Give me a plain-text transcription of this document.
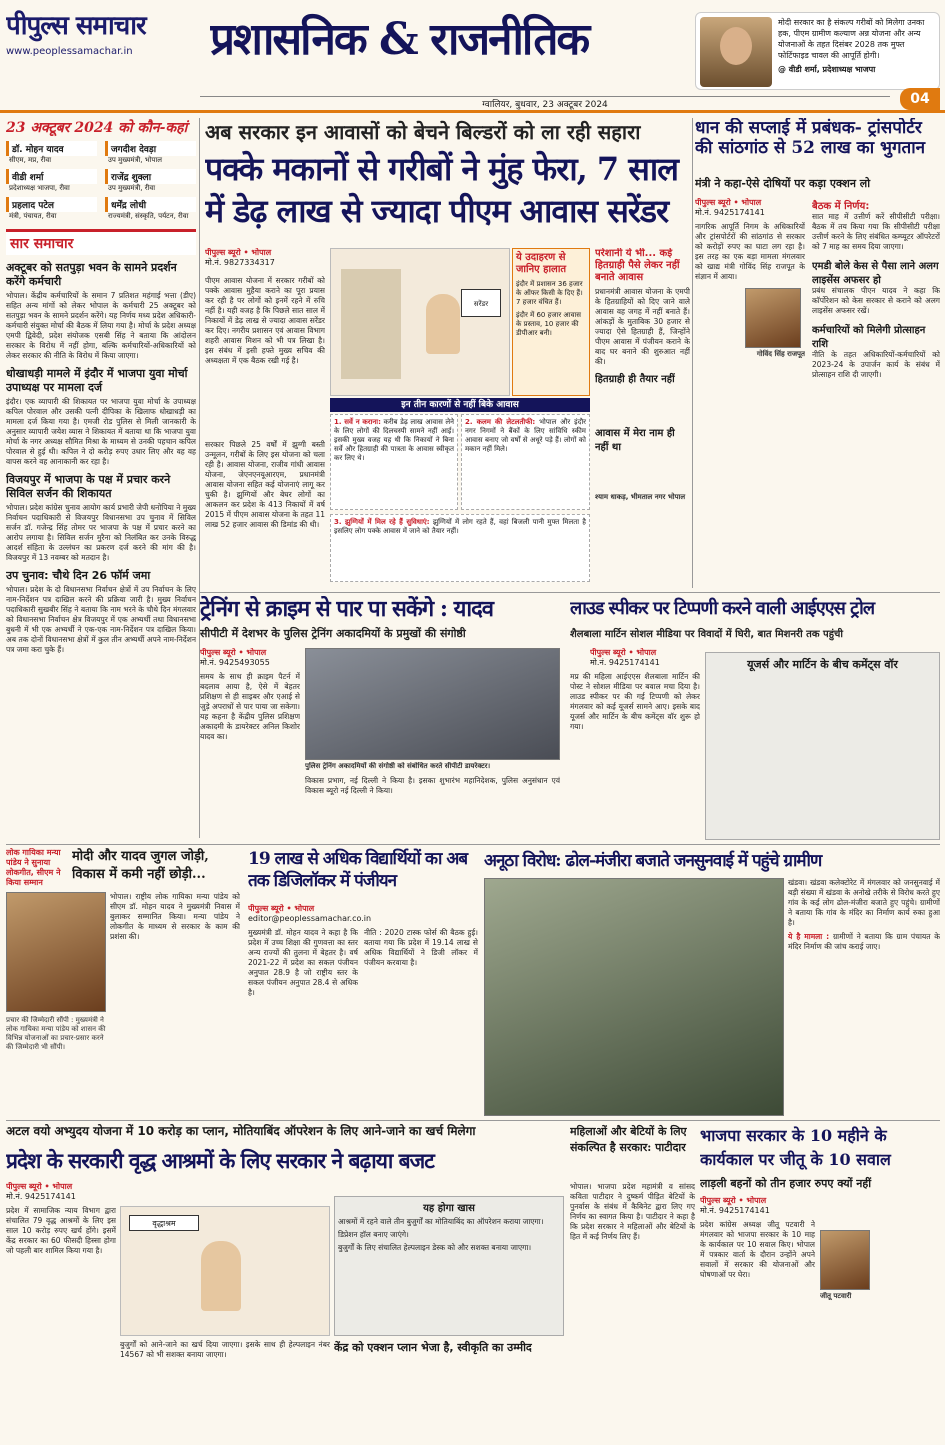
पीपुल्स समाचार
www.peoplessamachar.in	प्रशासनिक & राजनीतिक	मोदी सरकार का है संकल्प गरीबों को मिलेगा उनका हक, पीएम ग्रामीण कल्याण अन्न योजना और अन्य योजनाओं के तहत दिसंबर 2028 तक मुफ्त फोर्टिफाइड चावल की आपूर्ति होगी।
@ वीडी शर्मा, प्रदेशाध्यक्ष भाजपा
04
ग्वालियर, बुधवार, 23 अक्टूबर 2024
23 अक्टूबर 2024 को कौन-कहां
डॉ. मोहन यादव
सीएम, मप्र, रीवा
जगदीश देवड़ा
उप मुख्यमंत्री, भोपाल
वीडी शर्मा
प्रदेशाध्यक्ष भाजपा, रीवा
राजेंद्र शुक्ला
उप मुख्यमंत्री, रीवा
प्रहलाद पटेल
मंत्री, पंचायत, रीवा
धर्मेंद्र लोधी
राज्यमंत्री, संस्कृति, पर्यटन, रीवा
सार समाचार
अक्टूबर को सतपुड़ा भवन के सामने प्रदर्शन करेंगे कर्मचारी
भोपाल। केंद्रीय कर्मचारियों के समान 7 प्रतिशत महंगाई भत्ता (डीए) सहित अन्य मांगों को लेकर भोपाल के कर्मचारी 25 अक्टूबर को सतपुड़ा भवन के सामने प्रदर्शन करेंगे। यह निर्णय मध्य प्रदेश अधिकारी-कर्मचारी संयुक्त मोर्चा की बैठक में लिया गया है। मोर्चा के प्रदेश अध्यक्ष एमपी द्विवेदी, प्रदेश संयोजक एसबी सिंह ने बताया कि आंदोलन सरकार के विरोध में नहीं होगा, बल्कि कर्मचारियों-अधिकारियों को लेकर सरकार की नीति के विरोध में किया जाएगा।
धोखाधड़ी मामले में इंदौर में भाजपा युवा मोर्चा उपाध्यक्ष पर मामला दर्ज
इंदौर। एक व्यापारी की शिकायत पर भाजपा युवा मोर्चा के उपाध्यक्ष कपिल पोरवाल और उसकी पत्नी दीपिका के खिलाफ धोखाधड़ी का मामला दर्ज किया गया है। एमजी रोड पुलिस से मिली जानकारी के अनुसार व्यापारी जयेश व्यास ने शिकायत में बताया था कि भाजपा युवा मोर्चा के नगर अध्यक्ष सौमित मिश्रा के माध्यम से उनकी पहचान कपिल पोरवाल से हुई थी। कपिल ने दो करोड़ रुपए उधार लिए और वह वह वापस करने वह आनाकानी कर रहा है।
विजयपुर में भाजपा के पक्ष में प्रचार करने सिविल सर्जन की शिकायत
भोपाल। प्रदेश कांग्रेस चुनाव आयोग कार्य प्रभारी जेपी धनोपिया ने मुख्य निर्वाचन पदाधिकारी से विजयपुर विधानसभा उप चुनाव में सिविल सर्जन डॉ. गजेन्द्र सिंह तोमर पर भाजपा के पक्ष में प्रचार करने का आरोप लगाया है। सिविल सर्जन मुरैना को निलंबित कर उनके विरुद्ध आदर्श संहिता के उल्लंघन का प्रकरण दर्ज करने की मांग की है। विजयपुर में 13 नवम्बर को मतदान है।
उप चुनाव: चौथे दिन 26 फॉर्म जमा
भोपाल। प्रदेश के दो विधानसभा निर्वाचन क्षेत्रों में उप निर्वाचन के लिए नाम-निर्देशन पत्र दाखिल करने की प्रक्रिया जारी है। मुख्य निर्वाचन पदाधिकारी सुखबीर सिंह ने बताया कि नाम भरने के चौथे दिन मंगलवार को विधानसभा निर्वाचन क्षेत्र विजयपुर में एक अभ्यर्थी तथा विधानसभा बुधनी में भी एक अभ्यर्थी ने एक-एक नाम-निर्देशन पत्र दाखिल किया। अब तक दोनों विधानसभा क्षेत्रों में कुल तीन अभ्यर्थी अपने नाम-निर्देशन पत्र जमा करा चुके हैं।
अब सरकार इन आवासों को बेचने बिल्डरों को ला रही सहारा
पक्के मकानों से गरीबों ने मुंह फेरा, 7 साल में डेढ़ लाख से ज्यादा पीएम आवास सरेंडर
पीपुल्स ब्यूरो • भोपाल
मो.नं. 9827334317
पीएम आवास योजना में सरकार गरीबों को पक्के आवास मुहैया कराने का पूरा प्रयास कर रही है पर लोगों को इनमें रहने में रुचि नहीं है। यही वजह है कि पिछले सात साल में निकायों में डेढ़ लाख से ज्यादा आवास सरेंडर कर दिए। नगरीय प्रशासन एवं आवास विभाग शहरी आवास मिशन को भी पत्र लिखा है। इस संबंध में इसी हफ्ते मुख्य सचिव की अध्यक्षता में एक बैठक रखी गई है।
सरेंडर
ये उदाहरण से जानिए हालात
इंदौर में प्रशासन 36 हजार के ऑफर किसी के दिए हैं। 7 हजार वंचित हैं।
इंदौर में 60 हजार आवास के प्रस्ताव, 10 हजार की डीपीआर बनी।
इन तीन कारणों से नहीं बिके आवास
1. सर्वे न कराना: करीब डेढ़ लाख आवास लेने के लिए लोगों की दिलचस्पी सामने नहीं आई। इसकी मुख्य वजह यह थी कि निकायों ने बिना सर्वे और हितग्राही की पात्रता के आवास स्वीकृत कर लिए थे।
2. कलम की लेटलतीफी: भोपाल और इंदौर नगर निगमों ने बैंकों के लिए सांविधि स्कीम आवास बनाए जो वर्षों से अधूरे पड़े हैं। लोगों को मकान नहीं मिले।
3. झुग्गियों में मिल रहे हैं सुविधाएं: झुग्गियों में लोग रहते हैं, वहां बिजली पानी मुफ्त मिलता है इसलिए लोग पक्के आवास में जाने को तैयार नहीं।
सरकार पिछले 25 वर्षों में झुग्गी बस्ती उन्मूलन, गरीबों के लिए इस योजना को चला रही है। आवास योजना, राजीव गांधी आवास योजना, जेएनएनयूआरएम, प्रधानमंत्री आवास योजना सहित कई योजनाएं लागू कर चुकी है। झुग्गियों और बेघर लोगों का आकलन कर प्रदेश के 413 निकायों में वर्ष 2015 में पीएम आवास योजना के तहत 11 लाख 52 हजार आवास की डिमांड की थी।
परेशानी ये भी... कई हितग्राही पैसे लेकर नहीं बनाते आवास
प्रधानमंत्री आवास योजना के एमपी के हितग्राहियों को दिए जाने वाले आवास वह जगह में नहीं बनाते हैं। आंकड़ों के मुताबिक 30 हजार से ज्यादा ऐसे हितग्राही हैं, जिन्होंने पीएम आवास में पंजीयन कराने के बाद घर बनाने की शुरुआत नहीं की।
हितग्राही ही तैयार नहीं
आवास में मेरा नाम ही नहीं था
श्याम धाकड़, भीमताल नगर भोपाल
धान की सप्लाई में प्रबंधक- ट्रांसपोर्टर की सांठगांठ से 52 लाख का भुगतान
मंत्री ने कहा-ऐसे दोषियों पर कड़ा एक्शन लो
पीपुल्स ब्यूरो • भोपाल
मो.नं. 9425174141
नागरिक आपूर्ति निगम के अधिकारियों और ट्रांसपोर्टरों की सांठगांठ से सरकार को करोड़ों रुपए का घाटा लग रहा है। इस तरह का एक बड़ा मामला मंगलवार को खाद्य मंत्री गोविंद सिंह राजपूत के संज्ञान में आया।
गोविंद सिंह राजपूत
बैठक में निर्णय:
सात माह में उत्तीर्ण करें सीपीसीटी परीक्षा। बैठक में तय किया गया कि सीपीसीटी परीक्षा उत्तीर्ण करने के लिए संबंधित कम्प्यूटर ऑपरेटरों को 7 माह का समय दिया जाएगा।
एमडी बोले केस से पैसा लाने अलग लाइसेंस अफसर हो
प्रबंध संचालक पीएन यादव ने कहा कि कॉर्पोरेशन को केस सरकार से कराने को अलग लाइसेंस अफसर रखें।
कर्मचारियों को मिलेगी प्रोत्साहन राशि
नीति के तहत अधिकारियों-कर्मचारियों को 2023-24 के उपार्जन कार्य के संबंध में प्रोत्साहन राशि दी जाएगी।
ट्रेनिंग से क्राइम से पार पा सकेंगे : यादव
सीपीटी में देशभर के पुलिस ट्रेनिंग अकादमियों के प्रमुखों की संगोष्ठी
पीपुल्स ब्यूरो • भोपाल
मो.नं. 9425493055
समय के साथ ही क्राइम पैटर्न में बदलाव आया है, ऐसे में बेहतर प्रशिक्षण से ही साइबर और एआई से जुड़े अपराधों से पार पाया जा सकेगा। यह कहना है केंद्रीय पुलिस प्रशिक्षण अकादमी के डायरेक्टर अनिल किशोर यादव का।
पुलिस ट्रेनिंग अकादमियों की संगोष्ठी को संबोधित करते सीपीटी डायरेक्टर।
विकास प्रभाग, नई दिल्ली ने किया है। इसका शुभारंभ महानिदेशक, पुलिस अनुसंधान एवं विकास ब्यूरो नई दिल्ली ने किया।
लाउड स्पीकर पर टिप्पणी करने वाली आईएएस ट्रोल
शैलबाला मार्टिन सोशल मीडिया पर विवादों में घिरी, बात मिशनरी तक पहुंची
पीपुल्स ब्यूरो • भोपाल
मो.नं. 9425174141
मप्र की महिला आईएएस शैलबाला मार्टिन की पोस्ट ने सोशल मीडिया पर बवाल मचा दिया है। लाउड स्पीकर पर की गई टिप्पणी को लेकर मंगलवार को कई यूजर्स सामने आए। इसके बाद यूजर्स और मार्टिन के बीच कमेंट्स वॉर शुरू हो गया।
यूजर्स और मार्टिन के बीच कमेंट्स वॉर
लोक गायिका मन्या पांडेय ने सुनाया लोकगीत, सीएम ने किया सम्मान
मोदी और यादव जुगल जोड़ी, विकास में कमी नहीं छोड़ी...
भोपाल। राष्ट्रीय लोक गायिका मन्या पांडेय को सीएम डॉ. मोहन यादव ने मुख्यमंत्री निवास में बुलाकर सम्मानित किया। मन्या पांडेय ने लोकगीत के माध्यम से सरकार के काम की प्रशंसा की।
प्रचार की जिम्मेदारी सौंपी : मुख्यमंत्री ने लोक गायिका मन्या पांडेय को शासन की विभिन्न योजनाओं का प्रचार-प्रसार करने की जिम्मेदारी भी सौंपी।
19 लाख से अधिक विद्यार्थियों का अब तक डिजिलॉकर में पंजीयन
पीपुल्स ब्यूरो • भोपाल
editor@peoplessamachar.co.in
मुख्यमंत्री डॉ. मोहन यादव ने कहा है कि प्रदेश में उच्च शिक्षा की गुणवत्ता का स्तर अन्य राज्यों की तुलना में बेहतर है। वर्ष 2021-22 में प्रदेश का सकल पंजीयन अनुपात 28.9 है जो राष्ट्रीय स्तर के सकल पंजीयन अनुपात 28.4 से अधिक है।
नीति : 2020 टास्क फोर्स की बैठक हुई। बताया गया कि प्रदेश में 19.14 लाख से अधिक विद्यार्थियों ने डिजी लॉकर में पंजीयन करवाया है।
अनूठा विरोध: ढोल-मंजीरा बजाते जनसुनवाई में पहुंचे ग्रामीण
खंडवा। खंडवा कलेक्टोरेट में मंगलवार को जनसुनवाई में बड़ी संख्या में खंडवा के अनोखे तरीके से विरोध करते हुए गांव के कई लोग ढोल-मंजीरा बजाते हुए पहुंचे। ग्रामीणों ने बताया कि गांव के मंदिर का निर्माण कार्य रुका हुआ है।
ये है मामला : ग्रामीणों ने बताया कि ग्राम पंचायत के मंदिर निर्माण की जांच कराई जाए।
अटल वयो अभ्युदय योजना में 10 करोड़ का प्लान, मोतियाबिंद ऑपरेशन के लिए आने-जाने का खर्च मिलेगा
प्रदेश के सरकारी वृद्ध आश्रमों के लिए सरकार ने बढ़ाया बजट
पीपुल्स ब्यूरो • भोपाल
मो.नं. 9425174141
प्रदेश में सामाजिक न्याय विभाग द्वारा संचालित 79 वृद्ध आश्रमों के लिए इस साल 10 करोड़ रुपए खर्च होंगे। इसमें केंद्र सरकार का 60 फीसदी हिस्सा होगा जो पहली बार शामिल किया गया है।
वृद्धाश्रम
बुजुर्गों को आने-जाने का खर्च दिया जाएगा। इसके साथ ही हेल्पलाइन नंबर 14567 को भी सशक्त बनाया जाएगा।
यह होगा खास
आश्रमों में रहने वाले तीन बुजुर्गों का मोतियाबिंद का ऑपरेशन कराया जाएगा।
डिप्रेशन हॉल बनाए जाएंगे।
बुजुर्गों के लिए संचालित हेल्पलाइन डेस्क को और सशक्त बनाया जाएगा।
केंद्र को एक्शन प्लान भेजा है, स्वीकृति का उम्मीद
महिलाओं और बेटियों के लिए संकल्पित है सरकार: पाटीदार
भोपाल। भाजपा प्रदेश महामंत्री व सांसद कविता पाटीदार ने दुष्कर्म पीड़ित बेटियों के पुनर्वास के संबंध में कैबिनेट द्वारा लिए गए निर्णय का स्वागत किया है। पाटीदार ने कहा है कि प्रदेश सरकार ने महिलाओं और बेटियों के हित में कई निर्णय लिए हैं।
भाजपा सरकार के 10 महीने के कार्यकाल पर जीतू के 10 सवाल
लाड़ली बहनों को तीन हजार रुपए क्यों नहीं
पीपुल्स ब्यूरो • भोपाल
मो.नं. 9425174141
प्रदेश कांग्रेस अध्यक्ष जीतू पटवारी ने मंगलवार को भाजपा सरकार के 10 माह के कार्यकाल पर 10 सवाल किए। भोपाल में पत्रकार वार्ता के दौरान उन्होंने अपने सवालों में सरकार की योजनाओं और घोषणाओं पर घेरा।
जीतू पटवारी
